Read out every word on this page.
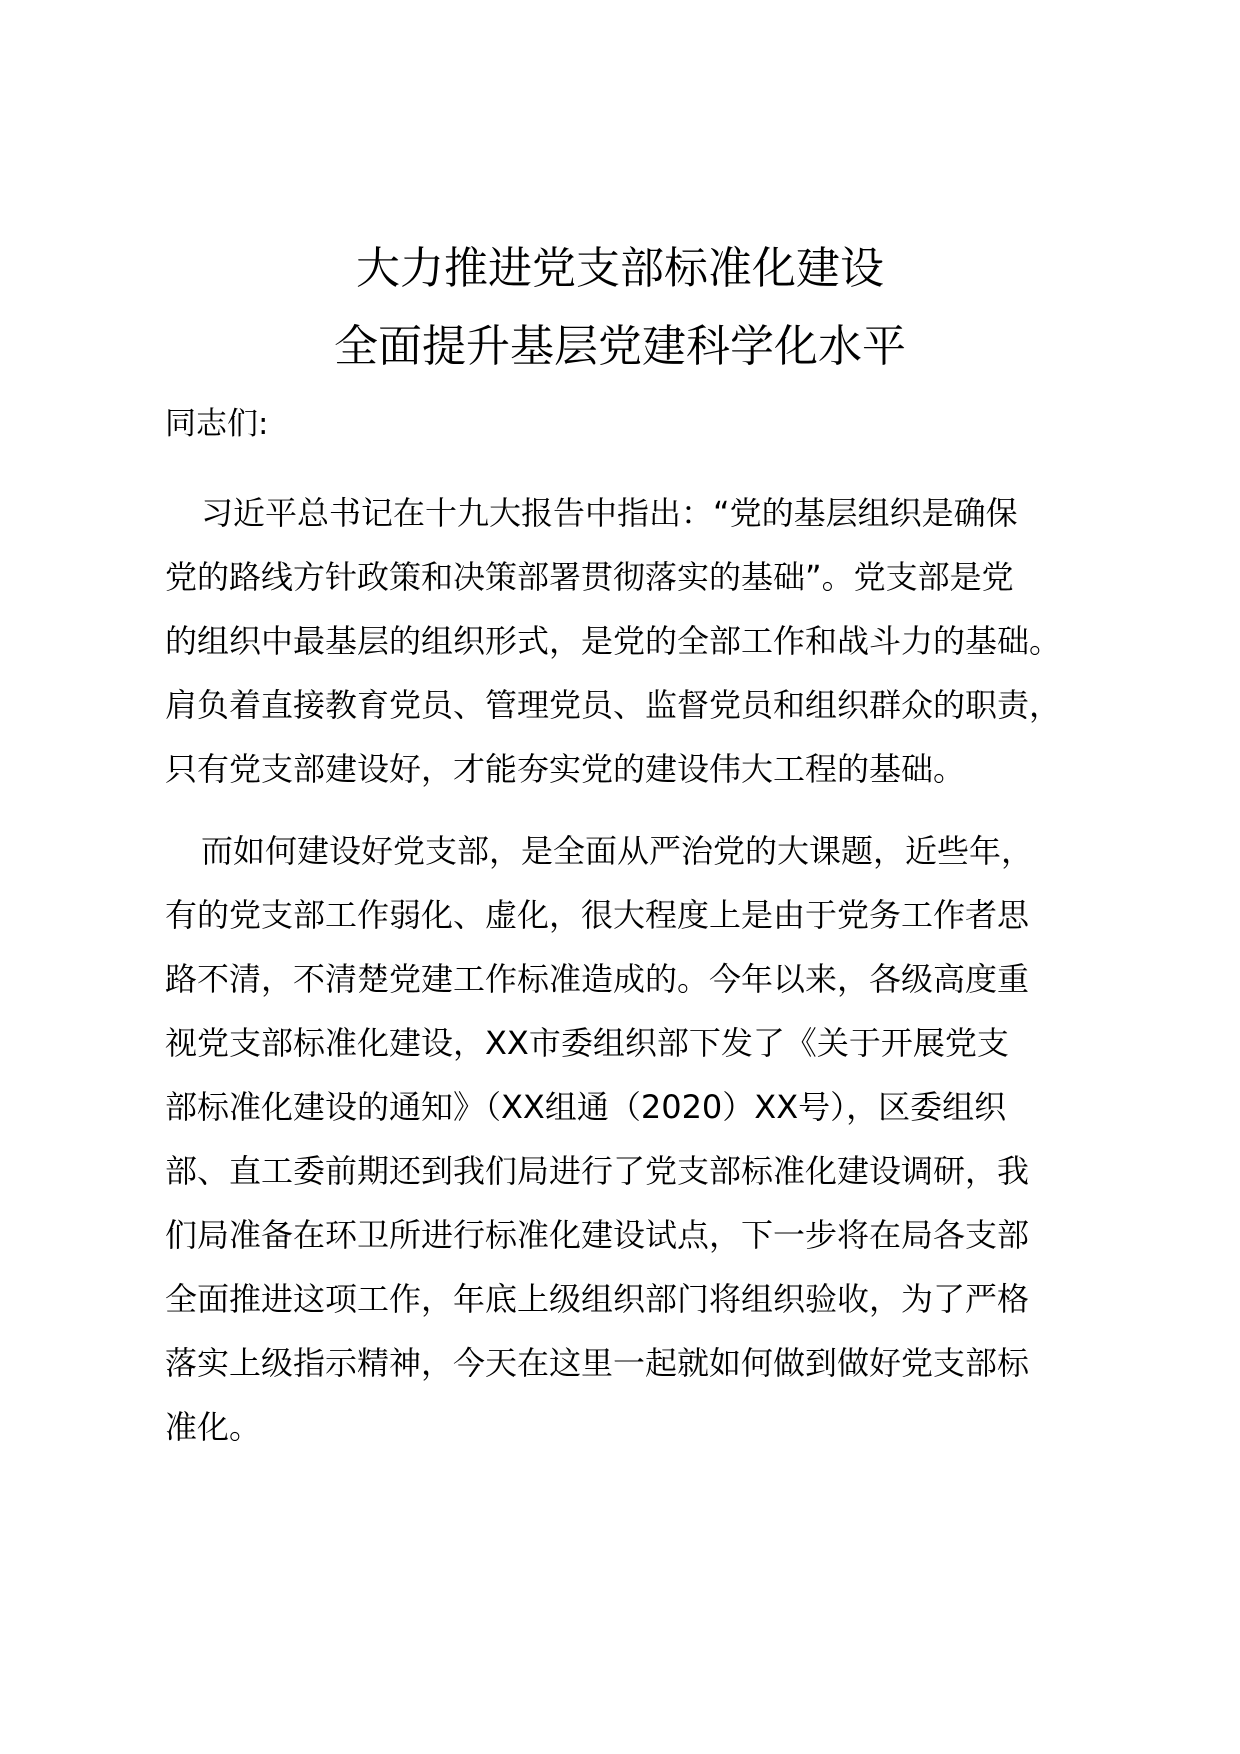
大力推进党支部标准化建设
全面提升基层党建科学化水平
同志们:
习近平总书记在十九大报告中指出：“党的基层组织是确保
党的路线方针政策和决策部署贯彻落实的基础”。党支部是党
的组织中最基层的组织形式，是党的全部工作和战斗力的基础。
肩负着直接教育党员、管理党员、监督党员和组织群众的职责，
只有党支部建设好，才能夯实党的建设伟大工程的基础。
而如何建设好党支部，是全面从严治党的大课题，近些年，
有的党支部工作弱化、虚化，很大程度上是由于党务工作者思
路不清，不清楚党建工作标准造成的。今年以来，各级高度重
视党支部标准化建设，XX市委组织部下发了《关于开展党支
部标准化建设的通知》（XX组通（2020）XX号），区委组织
部、直工委前期还到我们局进行了党支部标准化建设调研，我
们局准备在环卫所进行标准化建设试点，下一步将在局各支部
全面推进这项工作，年底上级组织部门将组织验收，为了严格
落实上级指示精神，今天在这里一起就如何做到做好党支部标
准化。
